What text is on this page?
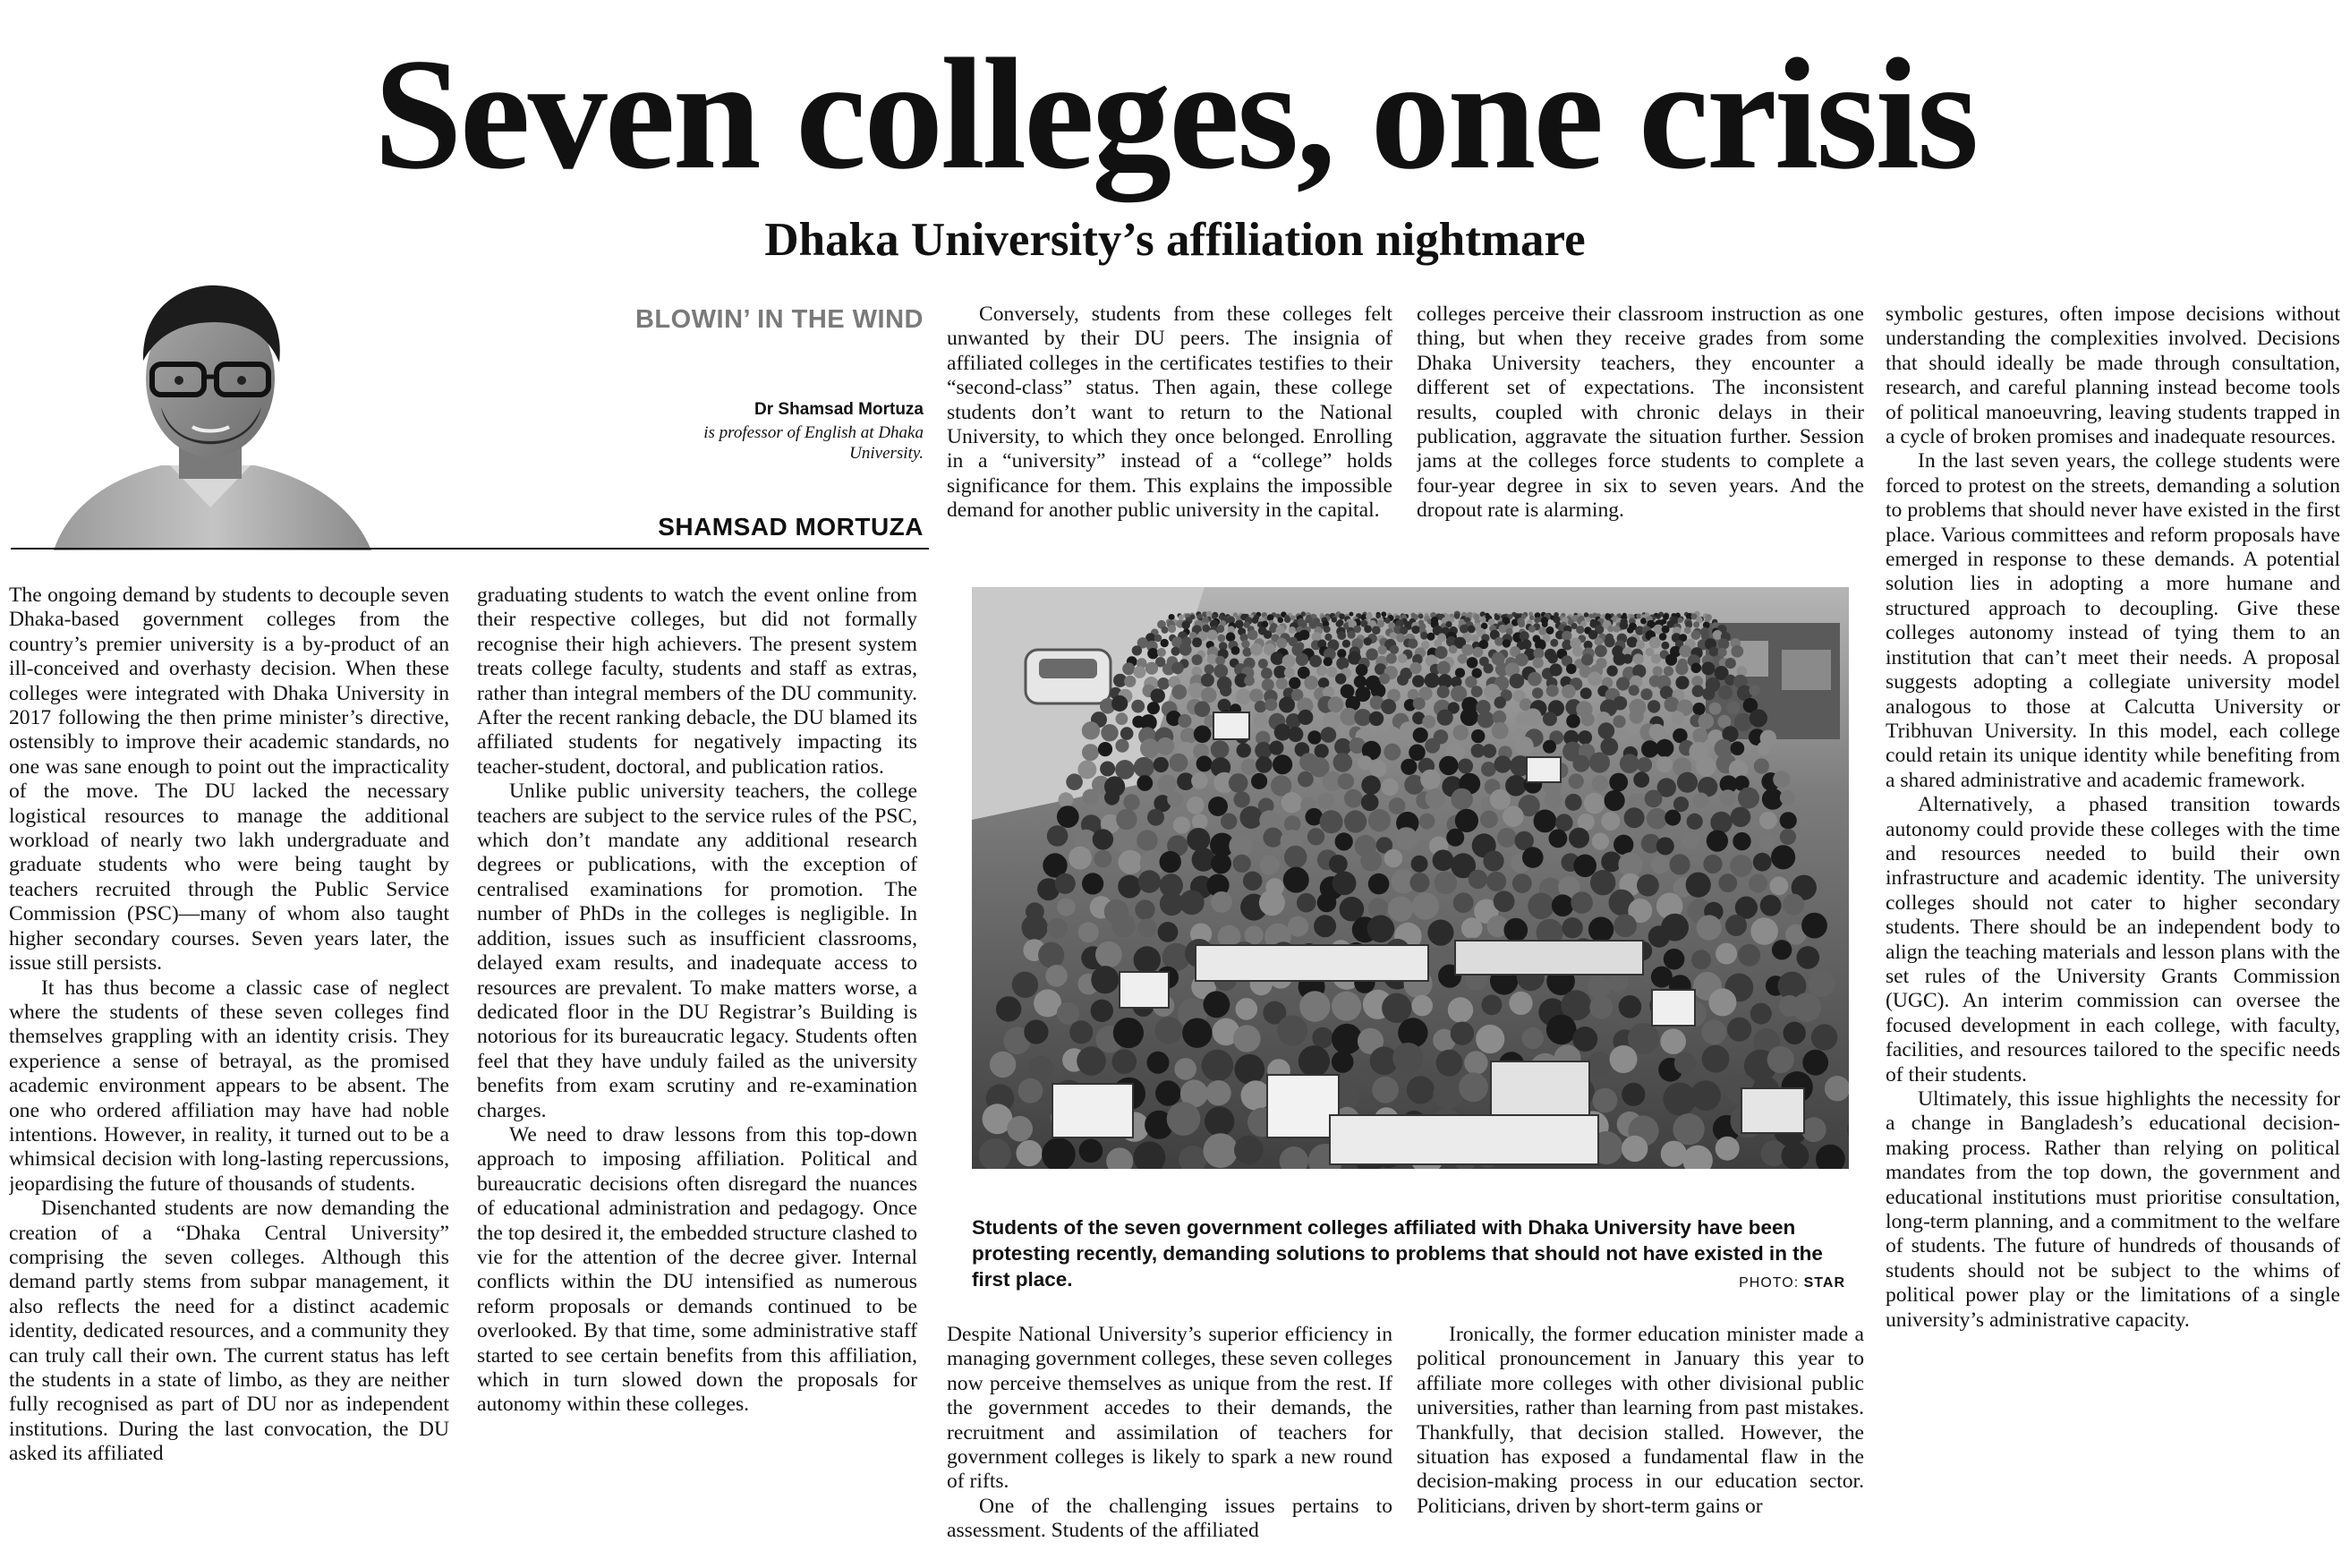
Seven colleges, one crisis
Dhaka University’s affiliation nightmare
BLOWIN’ IN THE WIND
Dr Shamsad Mortuza
is professor of English at Dhaka University.
SHAMSAD MORTUZA

The ongoing demand by students to decouple seven Dhaka-based government colleges from the country’s premier university is a by-product of an ill-conceived and overhasty decision. When these colleges were integrated with Dhaka University in 2017 following the then prime minister’s directive, ostensibly to improve their academic standards, no one was sane enough to point out the impracticality of the move. The DU lacked the necessary logistical resources to manage the additional workload of nearly two lakh undergraduate and graduate students who were being taught by teachers recruited through the Public Service Commission (PSC)—many of whom also taught higher secondary courses. Seven years later, the issue still persists.

It has thus become a classic case of neglect where the students of these seven colleges find themselves grappling with an identity crisis. They experience a sense of betrayal, as the promised academic environment appears to be absent. The one who ordered affiliation may have had noble intentions. However, in reality, it turned out to be a whimsical decision with long-lasting repercussions, jeopardising the future of thousands of students.

Disenchanted students are now demanding the creation of a “Dhaka Central University” comprising the seven colleges. Although this demand partly stems from subpar management, it also reflects the need for a distinct academic identity, dedicated resources, and a community they can truly call their own. The current status has left the students in a state of limbo, as they are neither fully recognised as part of DU nor as independent institutions. During the last convocation, the DU asked its affiliated

graduating students to watch the event online from their respective colleges, but did not formally recognise their high achievers. The present system treats college faculty, students and staff as extras, rather than integral members of the DU community. After the recent ranking debacle, the DU blamed its affiliated students for negatively impacting its teacher-student, doctoral, and publication ratios.

Unlike public university teachers, the college teachers are subject to the service rules of the PSC, which don’t mandate any additional research degrees or publications, with the exception of centralised examinations for promotion. The number of PhDs in the colleges is negligible. In addition, issues such as insufficient classrooms, delayed exam results, and inadequate access to resources are prevalent. To make matters worse, a dedicated floor in the DU Registrar’s Building is notorious for its bureaucratic legacy. Students often feel that they have unduly failed as the university benefits from exam scrutiny and re-examination charges.

We need to draw lessons from this top-down approach to imposing affiliation. Political and bureaucratic decisions often disregard the nuances of educational administration and pedagogy. Once the top desired it, the embedded structure clashed to vie for the attention of the decree giver. Internal conflicts within the DU intensified as numerous reform proposals or demands continued to be overlooked. By that time, some administrative staff started to see certain benefits from this affiliation, which in turn slowed down the proposals for autonomy within these colleges.

Conversely, students from these colleges felt unwanted by their DU peers. The insignia of affiliated colleges in the certificates testifies to their “second-class” status. Then again, these college students don’t want to return to the National University, to which they once belonged. Enrolling in a “university” instead of a “college” holds significance for them. This explains the impossible demand for another public university in the capital.

colleges perceive their classroom instruction as one thing, but when they receive grades from some Dhaka University teachers, they encounter a different set of expectations. The inconsistent results, coupled with chronic delays in their publication, aggravate the situation further. Session jams at the colleges force students to complete a four-year degree in six to seven years. And the dropout rate is alarming.

symbolic gestures, often impose decisions without understanding the complexities involved. Decisions that should ideally be made through consultation, research, and careful planning instead become tools of political manoeuvring, leaving students trapped in a cycle of broken promises and inadequate resources.

In the last seven years, the college students were forced to protest on the streets, demanding a solution to problems that should never have existed in the first place. Various committees and reform proposals have emerged in response to these demands. A potential solution lies in adopting a more humane and structured approach to decoupling. Give these colleges autonomy instead of tying them to an institution that can’t meet their needs. A proposal suggests adopting a collegiate university model analogous to those at Calcutta University or Tribhuvan University. In this model, each college could retain its unique identity while benefiting from a shared administrative and academic framework.

Alternatively, a phased transition towards autonomy could provide these colleges with the time and resources needed to build their own infrastructure and academic identity. The university colleges should not cater to higher secondary students. There should be an independent body to align the teaching materials and lesson plans with the set rules of the University Grants Commission (UGC). An interim commission can oversee the focused development in each college, with faculty, facilities, and resources tailored to the specific needs of their students.

Ultimately, this issue highlights the necessity for a change in Bangladesh’s educational decision-making process. Rather than relying on political mandates from the top down, the government and educational institutions must prioritise consultation, long-term planning, and a commitment to the welfare of students. The future of hundreds of thousands of students should not be subject to the whims of political power play or the limitations of a single university’s administrative capacity.

Students of the seven government colleges affiliated with Dhaka University have been protesting recently, demanding solutions to problems that should not have existed in the first place.	PHOTO: STAR

Despite National University’s superior efficiency in managing government colleges, these seven colleges now perceive themselves as unique from the rest. If the government accedes to their demands, the recruitment and assimilation of teachers for government colleges is likely to spark a new round of rifts.

One of the challenging issues pertains to assessment. Students of the affiliated

Ironically, the former education minister made a political pronouncement in January this year to affiliate more colleges with other divisional public universities, rather than learning from past mistakes. Thankfully, that decision stalled. However, the situation has exposed a fundamental flaw in the decision-making process in our education sector. Politicians, driven by short-term gains or
